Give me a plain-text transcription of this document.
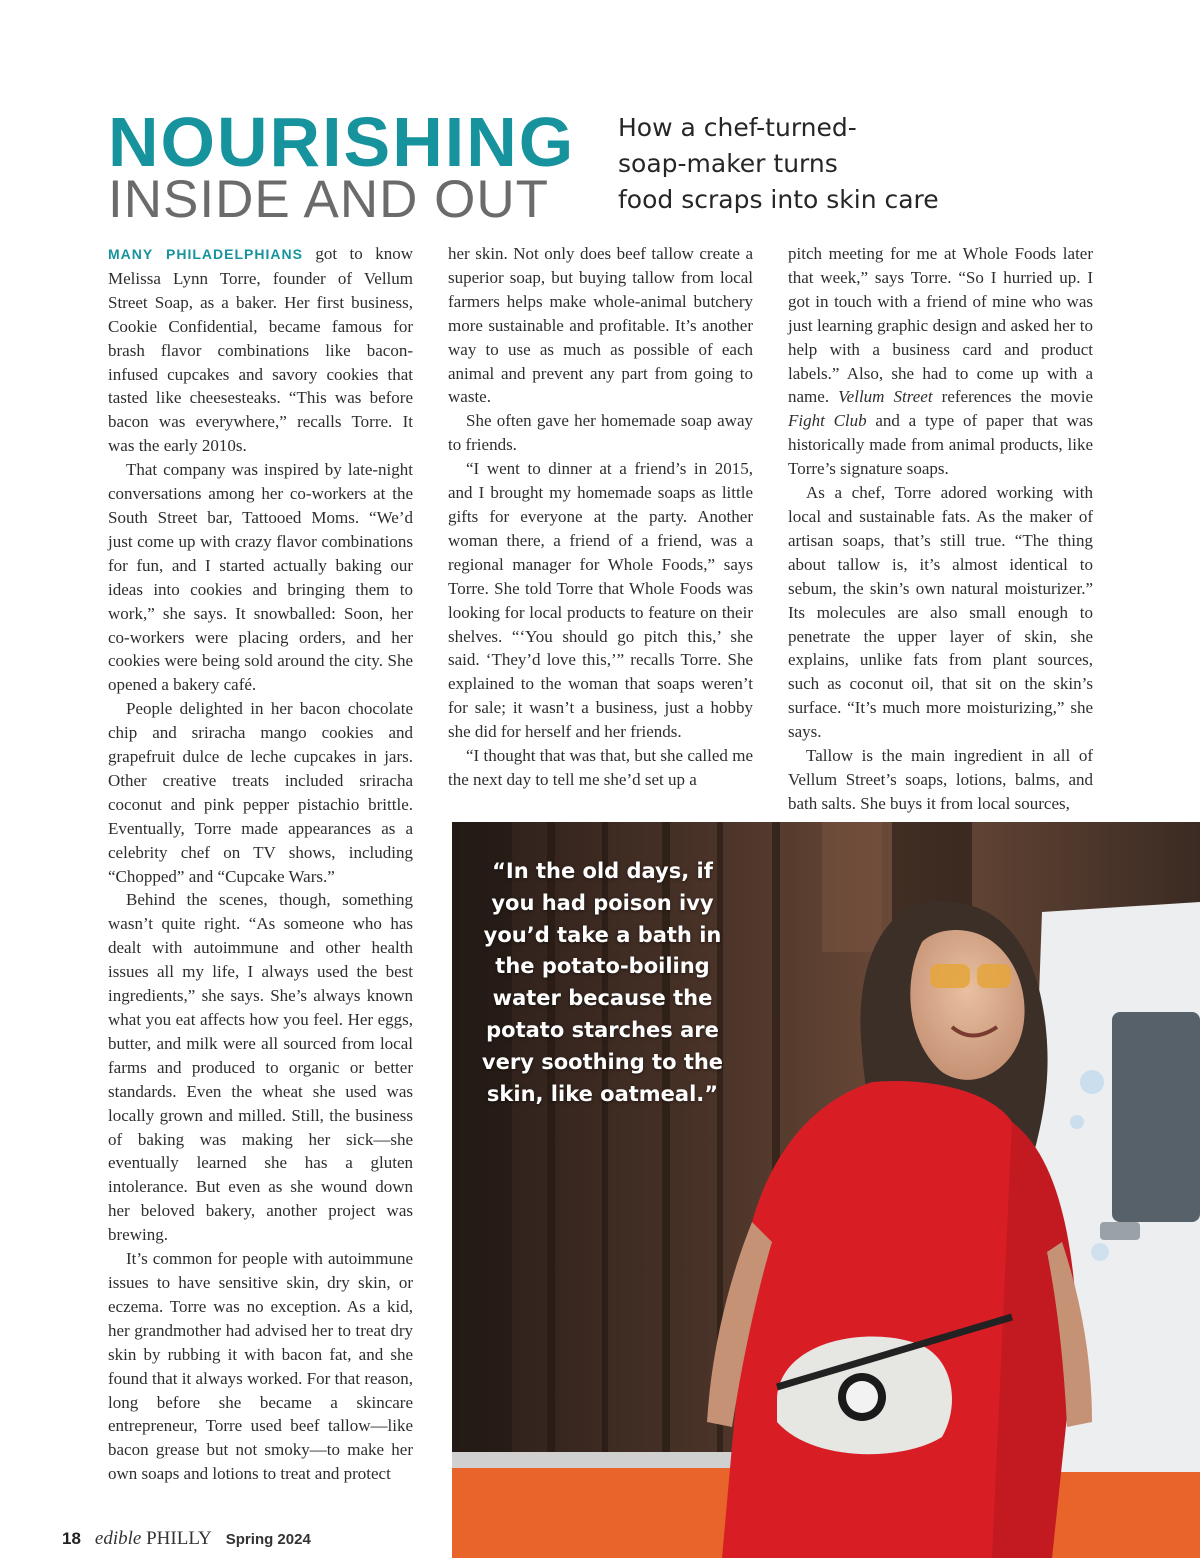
NOURISHING
INSIDE AND OUT
How a chef-turned-
soap-maker turns
food scraps into skin care

MANY PHILADELPHIANS got to know Melissa Lynn Torre, founder of Vellum Street Soap, as a baker. Her first business, Cookie Confidential, became famous for brash flavor combinations like bacon-infused cupcakes and savory cookies that tasted like cheesesteaks. “This was before bacon was everywhere,” recalls Torre. It was the early 2010s.

That company was inspired by late-night conversations among her co-workers at the South Street bar, Tattooed Moms. “We’d just come up with crazy flavor combinations for fun, and I started actually baking our ideas into cookies and bringing them to work,” she says. It snowballed: Soon, her co-workers were placing orders, and her cookies were being sold around the city. She opened a bakery café.

People delighted in her bacon chocolate chip and sriracha mango cookies and grapefruit dulce de leche cupcakes in jars. Other creative treats included sriracha coconut and pink pepper pistachio brittle. Eventually, Torre made appearances as a celebrity chef on TV shows, including “Chopped” and “Cupcake Wars.”

Behind the scenes, though, something wasn’t quite right. “As someone who has dealt with autoimmune and other health issues all my life, I always used the best ingredients,” she says. She’s always known what you eat affects how you feel. Her eggs, butter, and milk were all sourced from local farms and produced to organic or better standards. Even the wheat she used was locally grown and milled. Still, the business of baking was making her sick—she eventually learned she has a gluten intolerance. But even as she wound down her beloved bakery, another project was brewing.

It’s common for people with autoimmune issues to have sensitive skin, dry skin, or eczema. Torre was no exception. As a kid, her grandmother had advised her to treat dry skin by rubbing it with bacon fat, and she found that it always worked. For that reason, long before she became a skincare entrepreneur, Torre used beef tallow—like bacon grease but not smoky—to make her own soaps and lotions to treat and protect

her skin. Not only does beef tallow create a superior soap, but buying tallow from local farmers helps make whole-animal butchery more sustainable and profitable. It’s another way to use as much as possible of each animal and prevent any part from going to waste.

She often gave her homemade soap away to friends.

“I went to dinner at a friend’s in 2015, and I brought my homemade soaps as little gifts for everyone at the party. Another woman there, a friend of a friend, was a regional manager for Whole Foods,” says Torre. She told Torre that Whole Foods was looking for local products to feature on their shelves. “‘You should go pitch this,’ she said. ‘They’d love this,’” recalls Torre. She explained to the woman that soaps weren’t for sale; it wasn’t a business, just a hobby she did for herself and her friends.

“I thought that was that, but she called me the next day to tell me she’d set up a

pitch meeting for me at Whole Foods later that week,” says Torre. “So I hurried up. I got in touch with a friend of mine who was just learning graphic design and asked her to help with a business card and product labels.” Also, she had to come up with a name. Vellum Street references the movie Fight Club and a type of paper that was historically made from animal products, like Torre’s signature soaps.

As a chef, Torre adored working with local and sustainable fats. As the maker of artisan soaps, that’s still true. “The thing about tallow is, it’s almost identical to sebum, the skin’s own natural moisturizer.” Its molecules are also small enough to penetrate the upper layer of skin, she explains, unlike fats from plant sources, such as coconut oil, that sit on the skin’s surface. “It’s much more moisturizing,” she says.

Tallow is the main ingredient in all of Vellum Street’s soaps, lotions, balms, and bath salts. She buys it from local sources,

“In the old days, if you had poison ivy you’d take a bath in the potato-boiling water because the potato starches are very soothing to the skin, like oatmeal.”
18 edible PHILLY Spring 2024
